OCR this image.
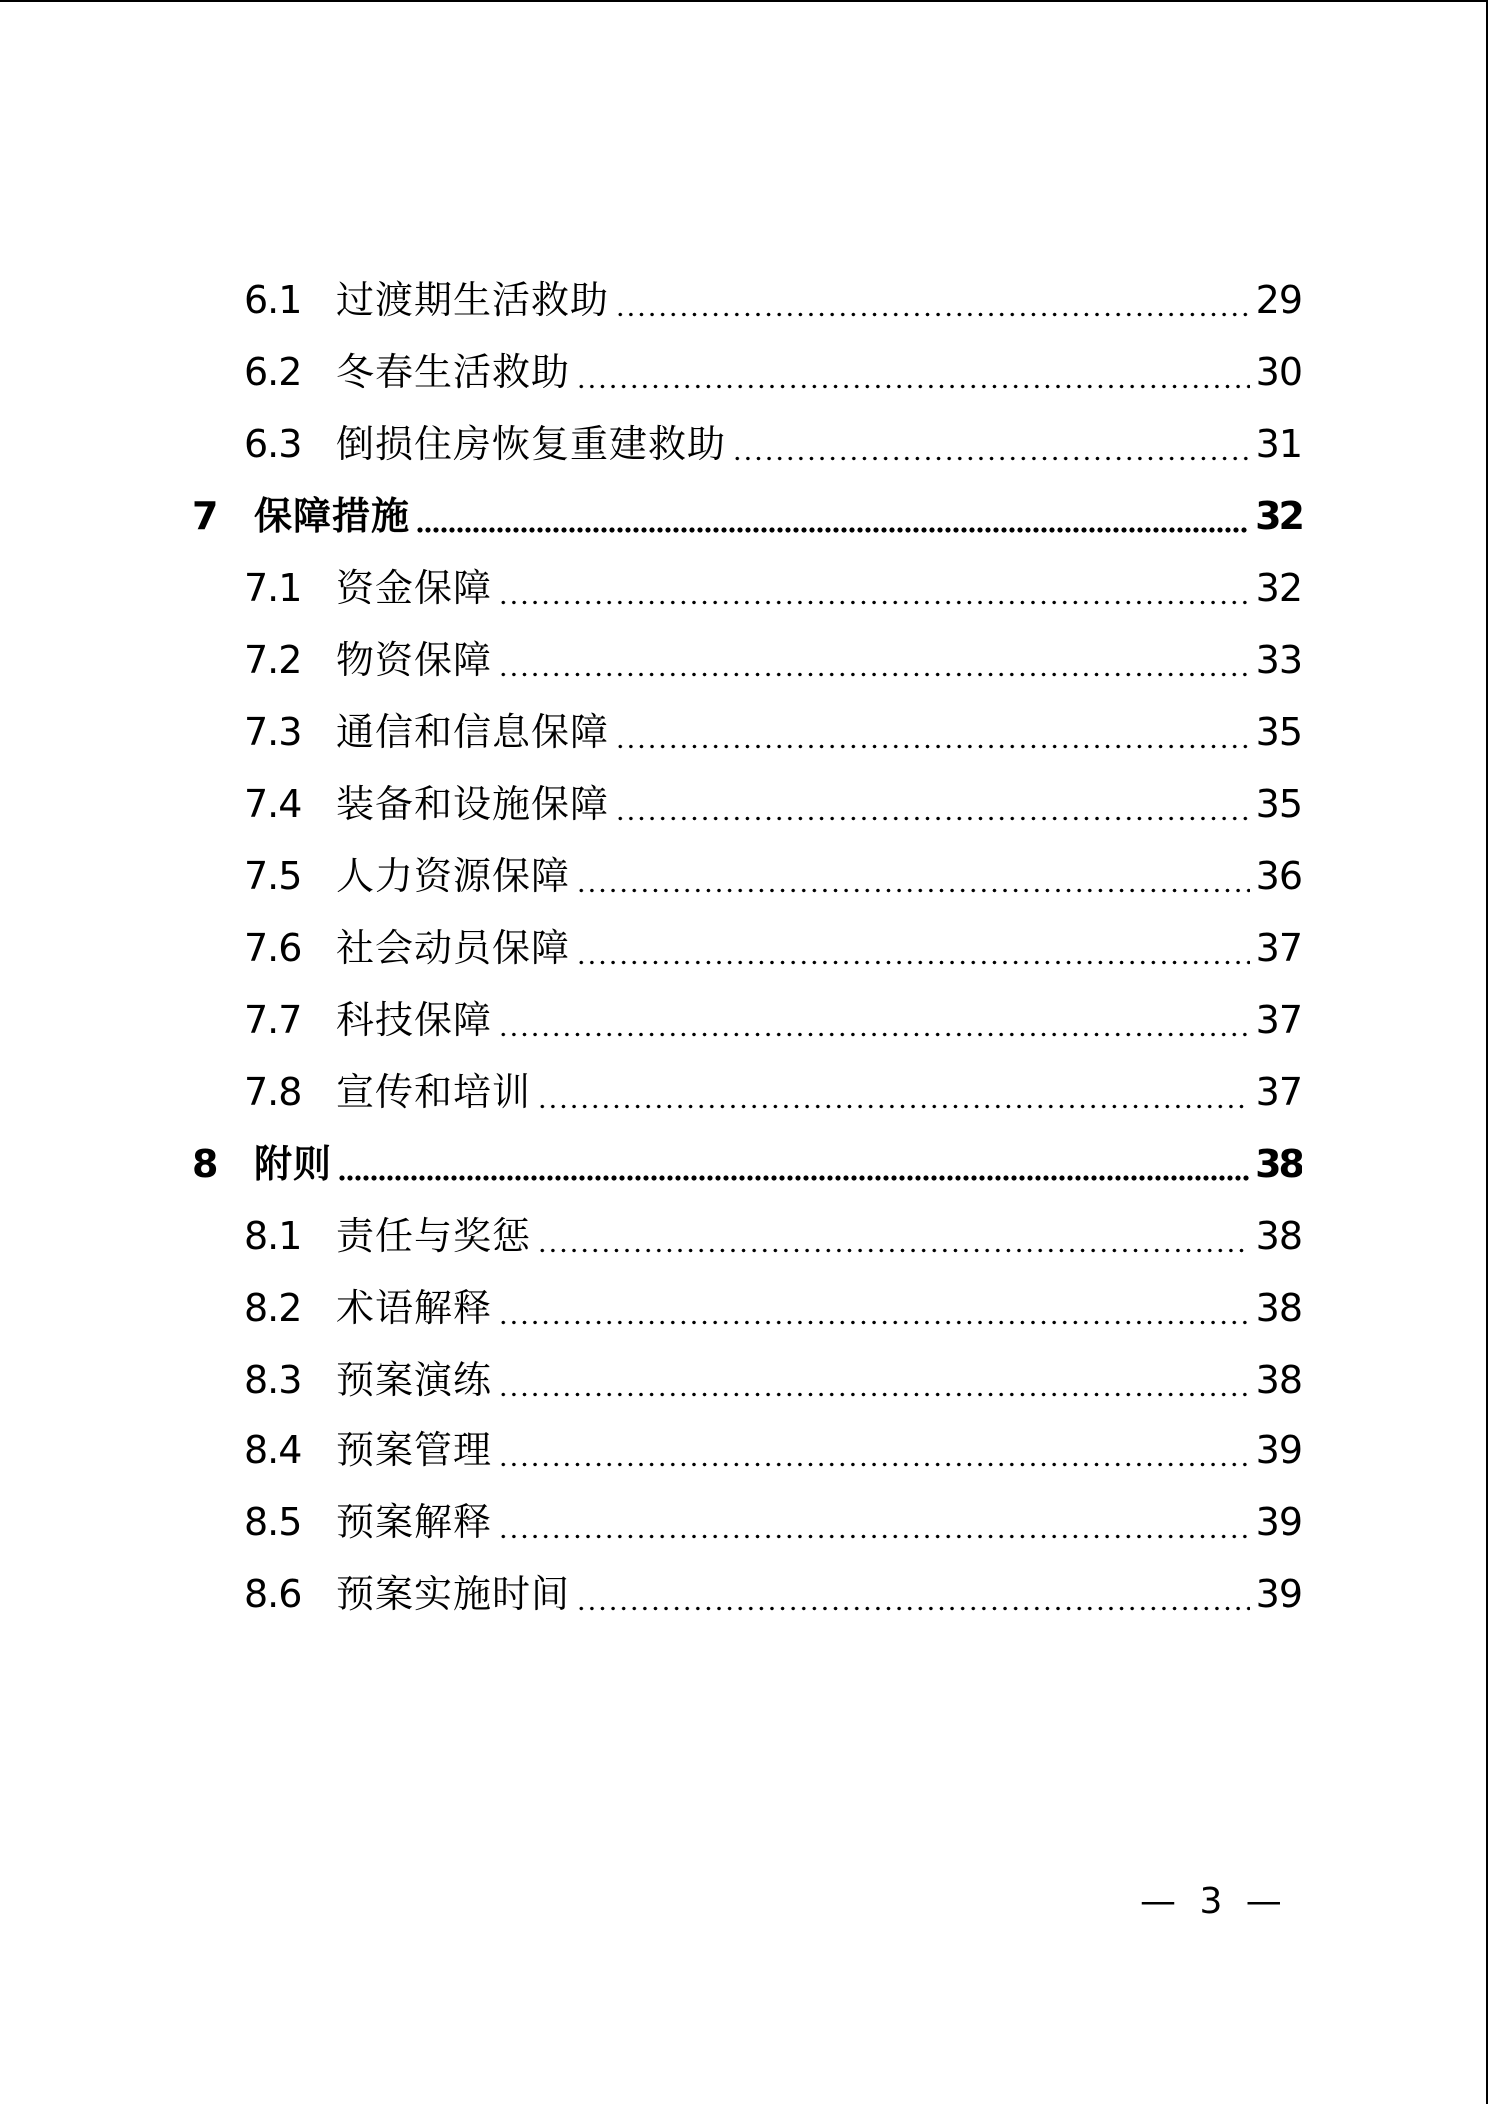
6.1 过渡期生活救助	29
6.2 冬春生活救助	30
6.3 倒损住房恢复重建救助	31
7 保障措施	32
7.1 资金保障	32
7.2 物资保障	33
7.3 通信和信息保障	35
7.4 装备和设施保障	35
7.5 人力资源保障	36
7.6 社会动员保障	37
7.7 科技保障	37
7.8 宣传和培训	37
8 附则	38
8.1 责任与奖惩	38
8.2 术语解释	38
8.3 预案演练	38
8.4 预案管理	39
8.5 预案解释	39
8.6 预案实施时间	39
— 3 —
